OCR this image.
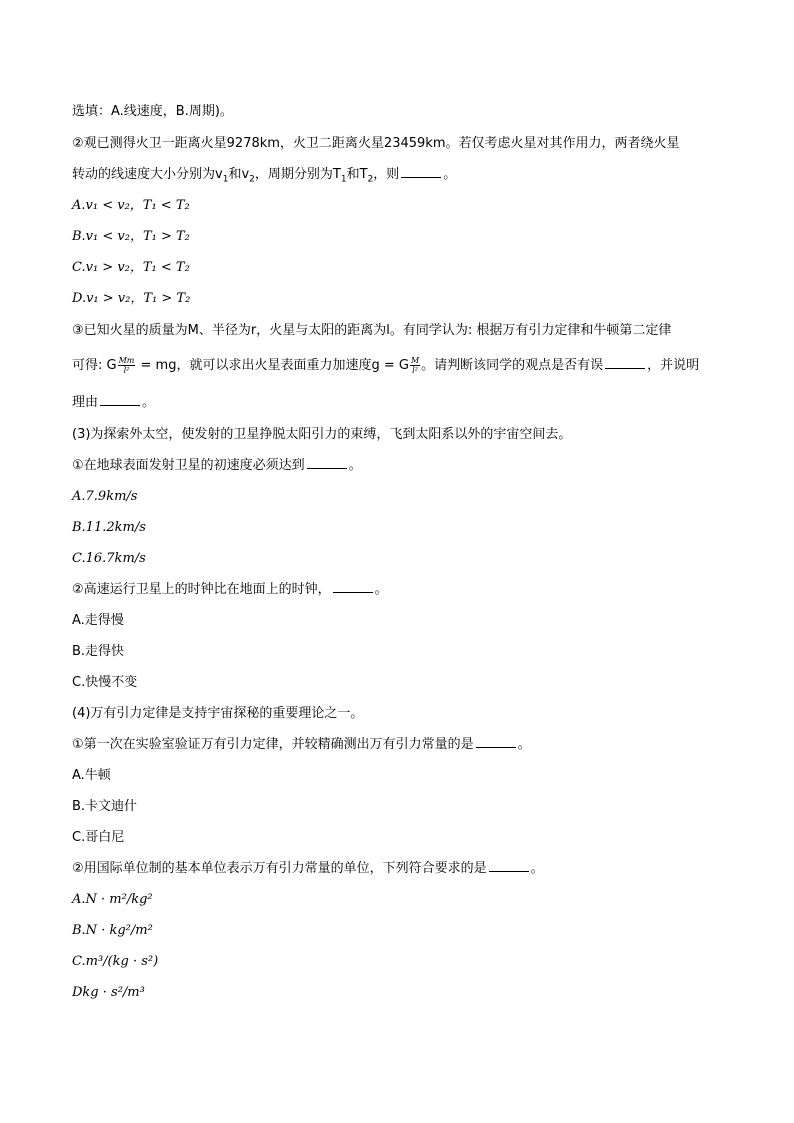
选填：A.线速度，B.周期)。
②观已测得火卫一距离火星9278km，火卫二距离火星23459km。若仅考虑火星对其作用力，两者绕火星
转动的线速度大小分别为$v_1$和$v_2$，周期分别为$T_1$和$T_2$，则	。
A.v₁ < v₂，T₁ < T₂
B.v₁ < v₂，T₁ > T₂
C.v₁ > v₂，T₁ < T₂
D.v₁ > v₂，T₁ > T₂
③已知火星的质量为M、半径为r，火星与太阳的距离为l。有同学认为: 根据万有引力定律和牛顿第二定律
可得: G $\frac{Mm}{\text{l²}}$ = mg，就可以求出火星表面重力加速度g = G $\frac{M}{\text{l²}}$ 。请判断该同学的观点是否有误	，并说明
理由	。
(3)为探索外太空，使发射的卫星挣脱太阳引力的束缚，飞到太阳系以外的宇宙空间去。
①在地球表面发射卫星的初速度必须达到	。
A.7.9km/s
B.11.2km/s
C.16.7km/s
②高速运行卫星上的时钟比在地面上的时钟，	。
A.走得慢
B.走得快
C.快慢不变
(4)万有引力定律是支持宇宙探秘的重要理论之一。
①第一次在实验室验证万有引力定律，并较精确测出万有引力常量的是	。
A.牛顿
B.卡文迪什
C.哥白尼
②用国际单位制的基本单位表示万有引力常量的单位，下列符合要求的是	。
A.N · m²/kg²
B.N · kg²/m²
C.m³/(kg · s²)
Dkg · s²/m³
